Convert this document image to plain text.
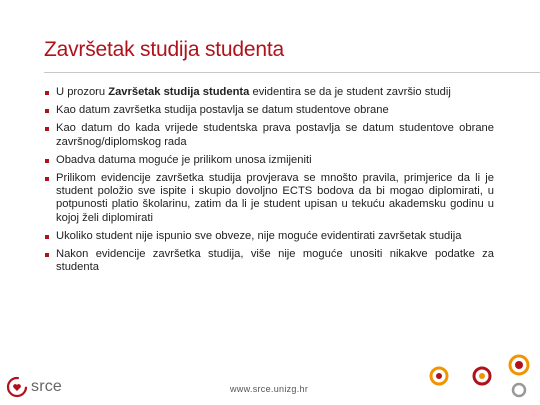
Završetak studija studenta
U prozoru Završetak studija studenta evidentira se da je student završio studij
Kao datum završetka studija postavlja se datum studentove obrane
Kao datum do kada vrijede studentska prava postavlja se datum studentove obrane završnog/diplomskog rada
Obadva datuma moguće je prilikom unosa izmijeniti
Prilikom evidencije završetka studija provjerava se mnošto pravila, primjerice da li je student položio sve ispite i skupio dovoljno ECTS bodova da bi mogao diplomirati, u potpunosti platio školarinu, zatim da li je student upisan u tekuću akademsku godinu u kojoj želi diplomirati
Ukoliko student nije ispunio sve obveze, nije moguće evidentirati završetak studija
Nakon evidencije završetka studija, više nije moguće unositi nikakve podatke za studenta
srce	www.srce.unizg.hr
